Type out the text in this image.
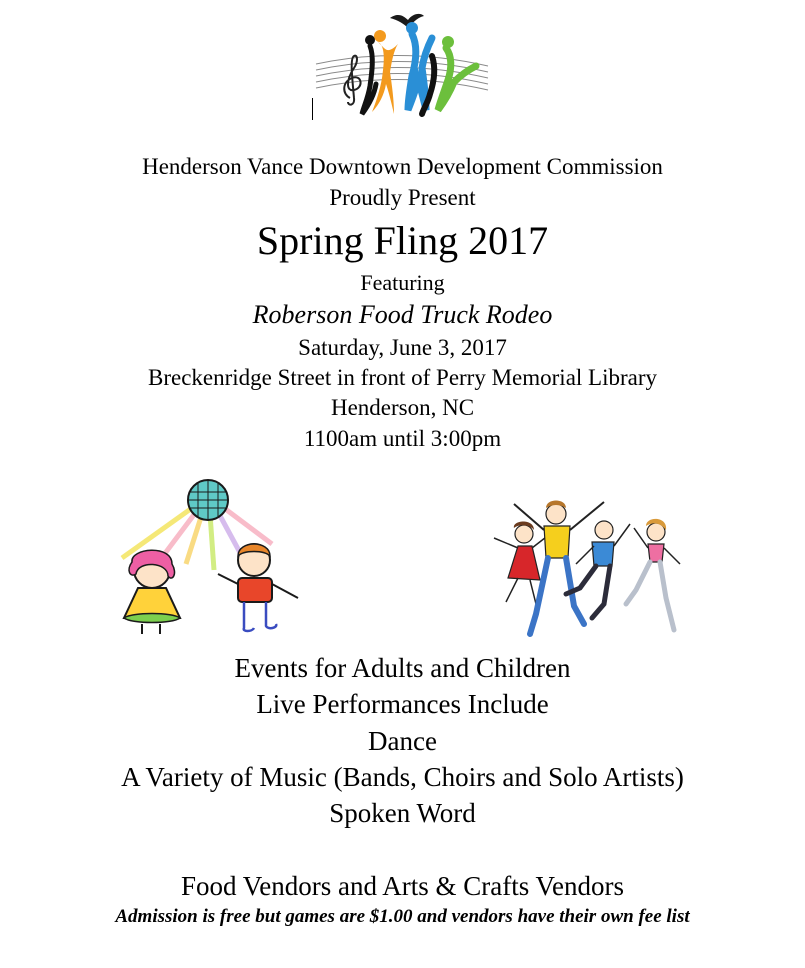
Henderson Vance Downtown Development Commission
Proudly Present
Spring Fling 2017
Featuring
Roberson Food Truck Rodeo
Saturday, June 3, 2017
Breckenridge Street in front of Perry Memorial Library
Henderson, NC
1100am until 3:00pm
Events for Adults and Children
Live Performances Include
Dance
A Variety of Music (Bands, Choirs and Solo Artists)
Spoken Word
Food Vendors and Arts & Crafts Vendors
Admission is free but games are $1.00 and vendors have their own fee list
